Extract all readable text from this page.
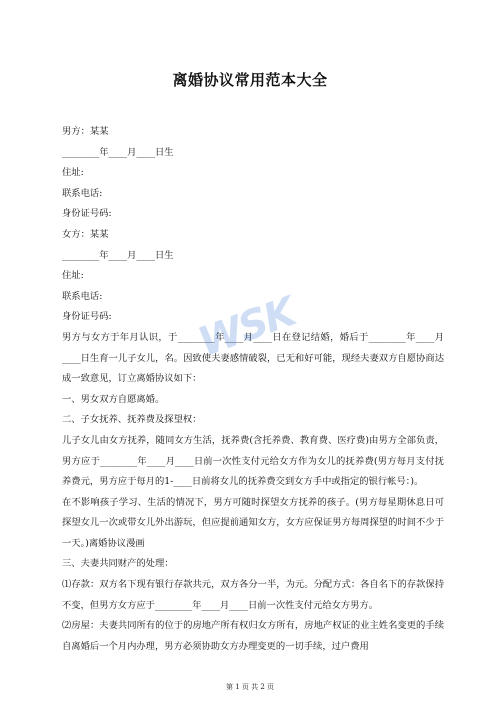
离婚协议常用范本大全

男方：某某

________年____月____日生

住址:

联系电话:

身份证号码:

女方：某某

________年____月____日生

住址:

联系电话:

身份证号码:

男方与女方于年月认识，于________年____月____日在登记结婚，婚后于________年____月____日生育一儿子女儿，名。因致使夫妻感情破裂，已无和好可能，现经夫妻双方自愿协商达成一致意见，订立离婚协议如下：

一、男女双方自愿离婚。

二、子女抚养、抚养费及探望权：

儿子女儿由女方抚养，随同女方生活，抚养费(含托养费、教育费、医疗费)由男方全部负责，男方应于________年____月____日前一次性支付元给女方作为女儿的抚养费(男方每月支付抚养费元，男方应于每月的1-____日前将女儿的抚养费交到女方手中或指定的银行帐号：)。

在不影响孩子学习、生活的情况下，男方可随时探望女方抚养的孩子。(男方每星期休息日可探望女儿一次或带女儿外出游玩，但应提前通知女方，女方应保证男方每周探望的时间不少于一天。)离婚协议漫画

三、夫妻共同财产的处理：

⑴存款：双方名下现有银行存款共元，双方各分一半，为元。分配方式：各自名下的存款保持不变，但男方女方应于________年____月____日前一次性支付元给女方男方。

⑵房屋：夫妻共同所有的位于的房地产所有权归女方所有，房地产权证的业主姓名变更的手续自离婚后一个月内办理，男方必须协助女方办理变更的一切手续，过户费用

WSK
第 1 页 共 2 页
